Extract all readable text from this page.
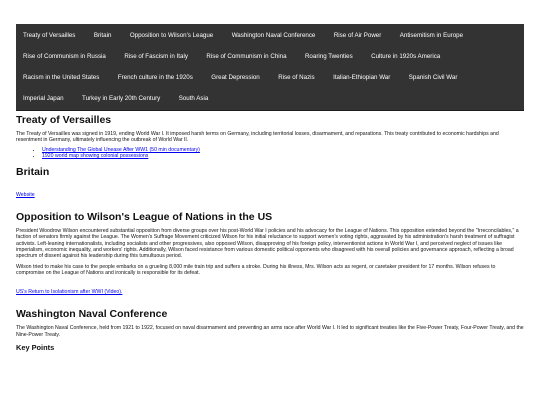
Treaty of Versailles	Britain	Opposition to Wilson's League	Washington Naval Conference	Rise of Air Power	Antisemitism in Europe
Rise of Communism in Russia	Rise of Fascism in Italy	Rise of Communism in China	Roaring Twenties	Culture in 1920s America
Racism in the United States	French culture in the 1920s	Great Depression	Rise of Nazis	Italian-Ethiopian War	Spanish Civil War
Imperial Japan	Turkey in Early 20th Century	South Asia
Treaty of Versailles

The Treaty of Versailles was signed in 1919, ending World War I. It imposed harsh terms on Germany, including territorial losses, disarmament, and reparations. This treaty contributed to economic hardships and resentment in Germany, ultimately influencing the outbreak of World War II.

• Understanding The Global Unease After WW1 (50 min documentary)
• 1920 world map showing colonial possessions
Britain
Website
Opposition to Wilson's League of Nations in the US

President Woodrow Wilson encountered substantial opposition from diverse groups over his post-World War I policies and his advocacy for the League of Nations. This opposition extended beyond the "Irreconcilables," a faction of senators firmly against the League. The Women's Suffrage Movement criticized Wilson for his initial reluctance to support women's voting rights, aggravated by his administration's harsh treatment of suffragist activists. Left-leaning internationalists, including socialists and other progressives, also opposed Wilson, disapproving of his foreign policy, interventionist actions in World War I, and perceived neglect of issues like imperialism, economic inequality, and workers' rights. Additionally, Wilson faced resistance from various domestic political opponents who disagreed with his overall policies and governance approach, reflecting a broad spectrum of dissent against his leadership during this tumultuous period.

Wilson tried to make his case to the people embarks on a grueling 8,000 mile train trip and suffers a stroke. During his illness, Mrs. Wilson acts as regent, or caretaker president for 17 months. Wilson refuses to compromise on the League of Nations and ironically is responsible for its defeat.

US's Return to Isolationism after WWI (Video).
Washington Naval Conference

The Washington Naval Conference, held from 1921 to 1922, focused on naval disarmament and preventing an arms race after World War I. It led to significant treaties like the Five-Power Treaty, Four-Power Treaty, and the Nine-Power Treaty.

Key Points
